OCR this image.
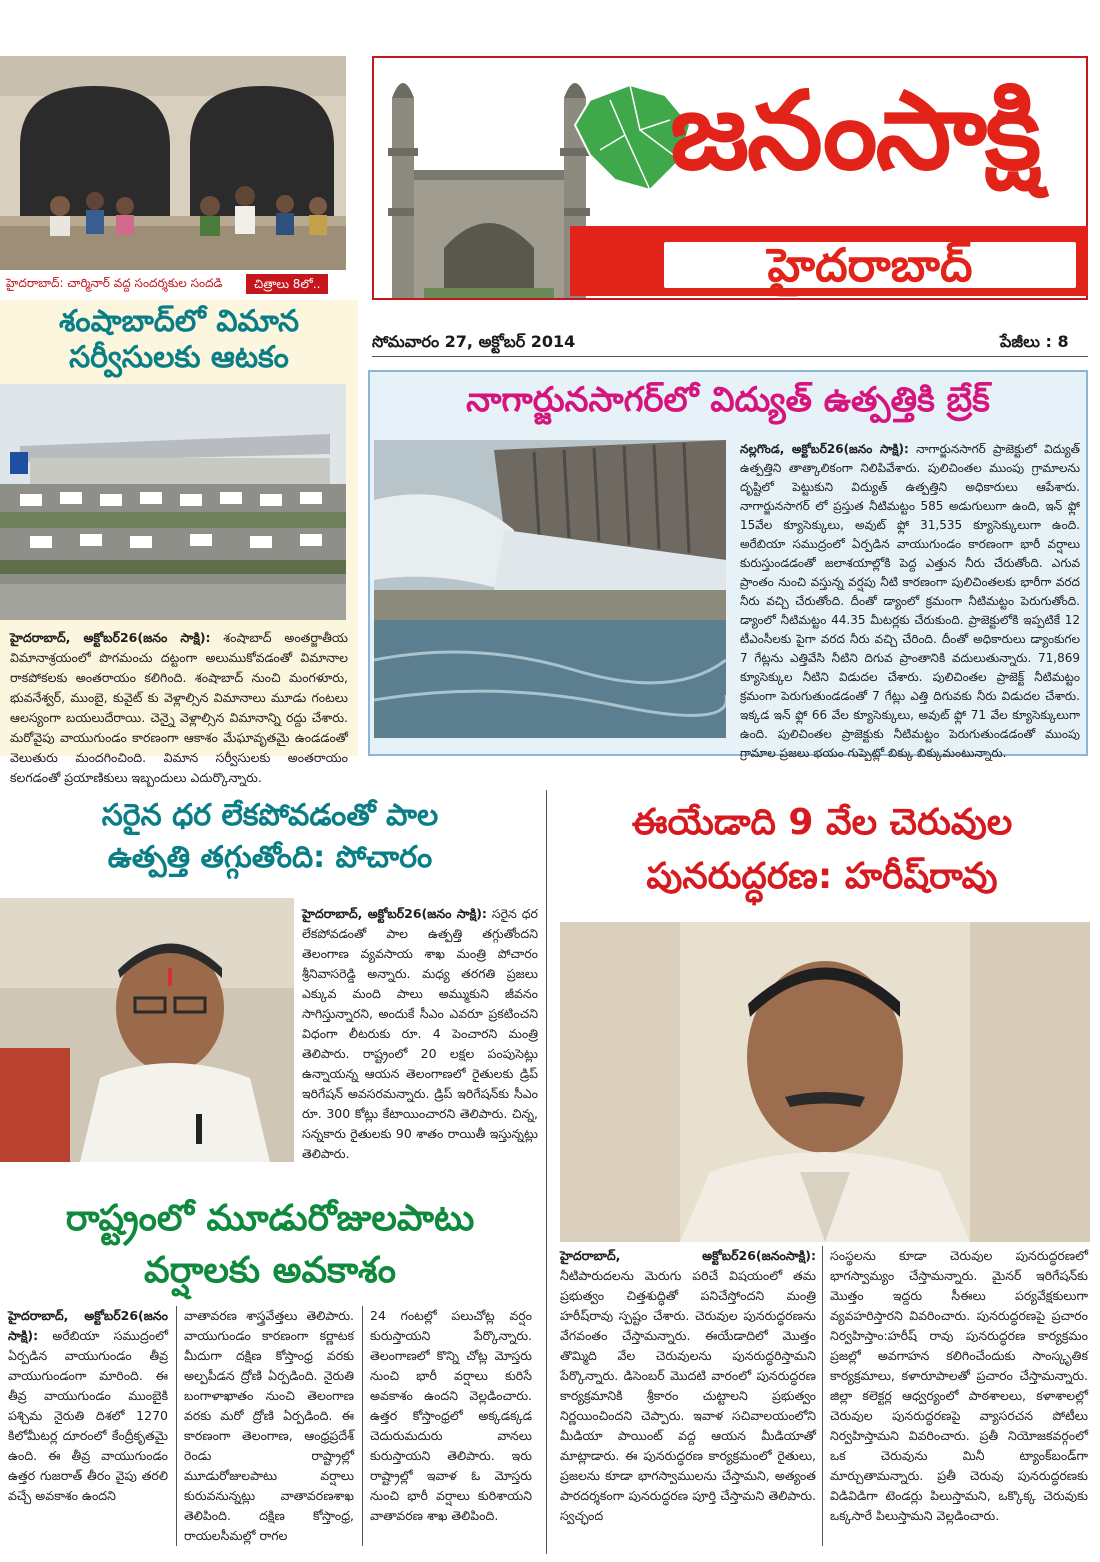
హైదరాబాద్: చార్మినార్ వద్ద సందర్శకుల సందడి	చిత్రాలు 8లో..
జనంసాక్షి
హైదరాబాద్
సోమవారం 27, అక్టోబర్ 2014	పేజీలు : 8
శంషాబాద్‌లో విమాన
సర్వీసులకు ఆటకం
హైదరాబాద్, అక్టోబర్26(జనం సాక్షి): శంషాబాద్ అంతర్జాతీయ విమానాశ్రయంలో పొగమంచు దట్టంగా అలుముకోవడంతో విమానాల రాకపోకలకు అంతరాయం కలిగింది. శంషాబాద్ నుంచి మంగళూరు, భువనేశ్వర్, ముంబై, కువైట్ కు వెళ్లాల్సిన విమానాలు మూడు గంటలు ఆలస్యంగా బయలుదేరాయి. చెన్నై వెళ్లాల్సిన విమానాన్ని రద్దు చేశారు. మరోవైపు వాయుగుండం కారణంగా ఆకాశం మేఘావృతమై ఉండడంతో వెలుతురు మందగించింది. విమాన సర్వీసులకు అంతరాయం కలగడంతో ప్రయాణికులు ఇబ్బందులు ఎదుర్కొన్నారు.
నాగార్జునసాగర్‌లో విద్యుత్ ఉత్పత్తికి బ్రేక్
నల్లగొండ, అక్టోబర్26(జనం సాక్షి): నాగార్జునసాగర్ ప్రాజెక్టులో విద్యుత్ ఉత్పత్తిని తాత్కాలికంగా నిలిపివేశారు. పులిచింతల ముంపు గ్రామాలను దృష్టిలో పెట్టుకుని విద్యుత్ ఉత్పత్తిని అధికారులు ఆపేశారు. నాగార్జునసాగర్ లో ప్రస్తుత నీటిమట్టం 585 అడుగులుగా ఉంది, ఇన్ ఫ్లో 15వేల క్యూసెక్కులు, అవుట్ ఫ్లో 31,535 క్యూసెక్కులుగా ఉంది. అరేబియా సముద్రంలో ఏర్పడిన వాయుగుండం కారణంగా భారీ వర్షాలు కురుస్తుండడంతో జలాశయాల్లోకి పెద్ద ఎత్తున నీరు చేరుతోంది. ఎగువ ప్రాంతం నుంచి వస్తున్న వర్షపు నీటి కారణంగా పులిచింతలకు భారీగా వరద నీరు వచ్చి చేరుతోంది. దీంతో డ్యాంలో క్రమంగా నీటిమట్టం పెరుగుతోంది. డ్యాంలో నీటిమట్టం 44.35 మీటర్లకు చేరుకుంది. ప్రాజెక్టులోకి ఇప్పటికే 12 టీఎంసీలకు పైగా వరద నీరు వచ్చి చేరింది. దీంతో అధికారులు డ్యాంకుగల 7 గేట్లను ఎత్తివేసి నీటిని దిగువ ప్రాంతానికి వదులుతున్నారు. 71,869 క్యూసెక్కుల నీటిని విడుదల చేశారు. పులిచింతల ప్రాజెక్ట్ నీటిమట్టం క్రమంగా పెరుగుతుండడంతో 7 గేట్లు ఎత్తి దిగువకు నీరు విడుదల చేశారు. ఇక్కడ ఇన్ ఫ్లో 66 వేల క్యూసెక్కులు, అవుట్ ఫ్లో 71 వేల క్యూసెక్కులుగా ఉంది. పులిచింతల ప్రాజెక్టుకు నీటిమట్టం పెరుగుతుండడంతో ముంపు గ్రామాల ప్రజలు భయం గుప్పెట్లో బిక్కు బిక్కుమంటున్నారు.
సరైన ధర లేకపోవడంతో పాల
ఉత్పత్తి తగ్గుతోంది: పోచారం
హైదరాబాద్, అక్టోబర్26(జనం సాక్షి): సరైన ధర లేకపోవడంతో పాల ఉత్పత్తి తగ్గుతోందని తెలంగాణ వ్యవసాయ శాఖ మంత్రి పోచారం శ్రీనివాసరెడ్డి అన్నారు. మధ్య తరగతి ప్రజలు ఎక్కువ మంది పాలు అమ్ముకుని జీవనం సాగిస్తున్నారని, అందుకే సీఎం ఎవరూ ప్రకటించని విధంగా లీటరుకు రూ. 4 పెంచారని మంత్రి తెలిపారు. రాష్ట్రంలో 20 లక్షల పంపుసెట్లు ఉన్నాయన్న ఆయన తెలంగాణలో రైతులకు డ్రిప్ ఇరిగేషన్ అవసరమన్నారు. డ్రిప్ ఇరిగేషన్‌కు సీఎం రూ. 300 కోట్లు కేటాయించారని తెలిపారు. చిన్న, సన్నకారు రైతులకు 90 శాతం రాయితీ ఇస్తున్నట్లు తెలిపారు.
రాష్ట్రంలో మూడురోజులపాటు
వర్షాలకు అవకాశం
హైదరాబాద్, అక్టోబర్26(జనం సాక్షి): అరేబియా సముద్రంలో ఏర్పడిన వాయుగుండం తీవ్ర వాయుగుండంగా మారింది. ఈ తీవ్ర వాయుగుండం ముంబైకి పశ్చిమ నైరుతి దిశలో 1270 కిలోమీటర్ల దూరంలో కేంద్రీకృతమై ఉంది. ఈ తీవ్ర వాయుగుండం ఉత్తర గుజరాత్ తీరం వైపు తరలి వచ్చే అవకాశం ఉందని
వాతావరణ శాస్త్రవేత్తలు తెలిపారు. వాయుగుండం కారణంగా కర్ణాటక మీదుగా దక్షిణ కోస్తాంధ్ర వరకు అల్పపీడన ద్రోణి ఏర్పడింది. నైరుతి బంగాళాఖాతం నుంచి తెలంగాణ వరకు మరో ద్రోణి ఏర్పడింది. ఈ కారణంగా తెలంగాణ, ఆంధ్రప్రదేశ్ రెండు రాష్ట్రాల్లో మూడురోజులపాటు వర్షాలు కురువనున్నట్లు వాతావరణశాఖ తెలిపింది. దక్షిణ కోస్తాంధ్ర, రాయలసీమల్లో రాగల
24 గంటల్లో పలుచోట్ల వర్షం కురుస్తాయని పేర్కొన్నారు. తెలంగాణలో కొన్ని చోట్ల మోస్తరు నుంచి భారీ వర్షాలు కురిసే అవకాశం ఉందని వెల్లడించారు. ఉత్తర కోస్తాంధ్రలో అక్కడక్కడ చెదురుమదురు వానలు కురుస్తాయని తెలిపారు. ఇరు రాష్ట్రాల్లో ఇవాళ ఓ మోస్తరు నుంచి భారీ వర్షాలు కురిశాయని వాతావరణ శాఖ తెలిపింది.
ఈయేడాది 9 వేల చెరువుల
పునరుద్ధరణ: హరీష్‌రావు
హైదరాబాద్, అక్టోబర్26(జనంసాక్షి): నీటిపారుదలను మెరుగు పరిచే విషయంలో తమ ప్రభుత్వం చిత్తశుద్ధితో పనిచేస్తోందని మంత్రి హరీష్‌రావు స్పష్టం చేశారు. చెరువుల పునరుద్ధరణను వేగవంతం చేస్తామన్నారు. ఈయేడాదిలో మొత్తం తొమ్మిది వేల చెరువులను పునరుద్ధరిస్తామని పేర్కొన్నారు. డిసెంబర్ మొదటి వారంలో పునరుద్ధరణ కార్యక్రమానికి శ్రీకారం చుట్టాలని ప్రభుత్వం నిర్ణయించిందని చెప్పారు. ఇవాళ సచివాలయంలోని మీడియా పాయింట్ వద్ద ఆయన మీడియాతో మాట్లాడారు. ఈ పునరుద్ధరణ కార్యక్రమంలో రైతులు, ప్రజలను కూడా భాగస్వాములను చేస్తామని, అత్యంత పారదర్శకంగా పునరుద్ధరణ పూర్తి చేస్తామని తెలిపారు. స్వచ్ఛంద
సంస్థలను కూడా చెరువుల పునరుద్ధరణలో భాగస్వామ్యం చేస్తామన్నారు. మైనర్ ఇరిగేషన్‌కు మొత్తం ఇద్దరు సీఈలు పర్యవేక్షకులుగా వ్యవహరిస్తారని వివరించారు. పునరుద్ధరణపై ప్రచారం నిర్వహిస్తాం:హరీష్ రావు పునరుద్ధరణ కార్యక్రమం ప్రజల్లో అవగాహన కలిగించేందుకు సాంస్కృతిక కార్యక్రమాలు, కళారూపాలతో ప్రచారం చేస్తామన్నారు. జిల్లా కలెక్టర్ల ఆధ్వర్యంలో పాఠశాలలు, కళాశాలల్లో చెరువుల పునరుద్ధరణపై వ్యాసరచన పోటీలు నిర్వహిస్తామని వివరించారు. ప్రతీ నియోజకవర్గంలో ఒక చెరువును మినీ ట్యాంక్‌బండ్‌గా మార్చుతామన్నారు. ప్రతీ చెరువు పునరుద్ధరణకు విడివిడిగా టెండర్లు పిలుస్తామని, ఒక్కొక్క చెరువుకు ఒక్కసారే పిలుస్తామని వెల్లడించారు.
